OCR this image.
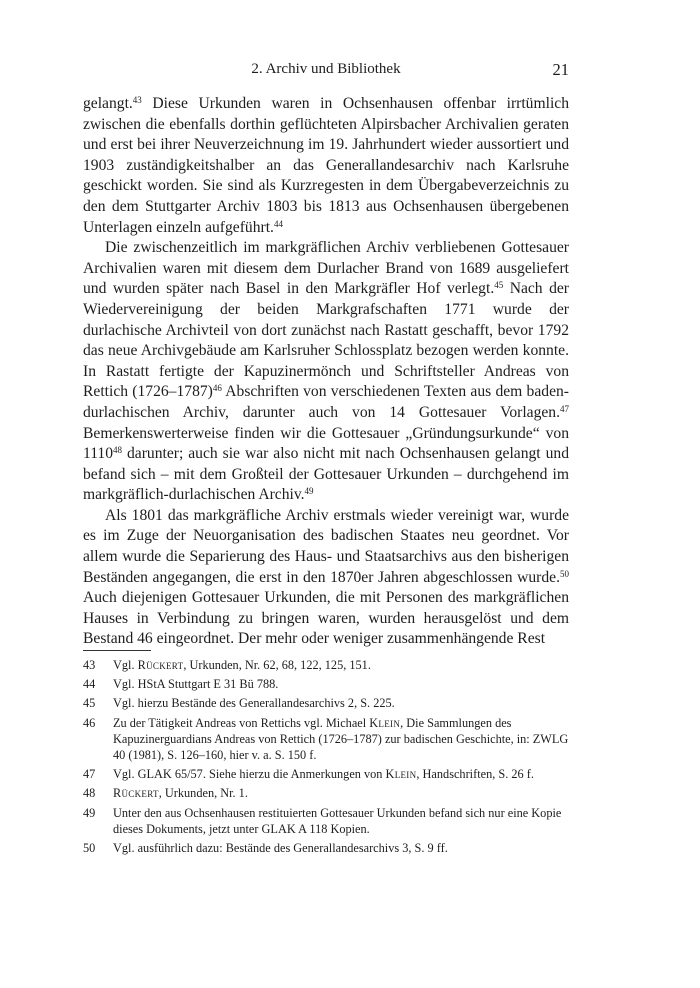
2. Archiv und Bibliothek	21

gelangt.$^{43}$ Diese Urkunden waren in Ochsenhausen offenbar irrtümlich zwischen die ebenfalls dorthin geflüchteten Alpirsbacher Archivalien geraten und erst bei ihrer Neuverzeichnung im 19. Jahrhundert wieder aussortiert und 1903 zuständigkeitshalber an das Generallandesarchiv nach Karlsruhe geschickt worden. Sie sind als Kurzregesten in dem Übergabeverzeichnis zu den dem Stuttgarter Archiv 1803 bis 1813 aus Ochsenhausen übergebenen Unterlagen einzeln aufgeführt.$^{44}$

Die zwischenzeitlich im markgräflichen Archiv verbliebenen Gottesauer Archivalien waren mit diesem dem Durlacher Brand von 1689 ausgeliefert und wurden später nach Basel in den Markgräfler Hof verlegt.$^{45}$ Nach der Wiedervereinigung der beiden Markgrafschaften 1771 wurde der durlachische Archivteil von dort zunächst nach Rastatt geschafft, bevor 1792 das neue Archivgebäude am Karlsruher Schlossplatz bezogen werden konnte. In Rastatt fertigte der Kapuzinermönch und Schriftsteller Andreas von Rettich (1726–1787)$^{46}$ Abschriften von verschiedenen Texten aus dem baden-durlachischen Archiv, darunter auch von 14 Gottesauer Vorlagen.$^{47}$ Bemerkenswerterweise finden wir die Gottesauer „Gründungsurkunde“ von 1110$^{48}$ darunter; auch sie war also nicht mit nach Ochsenhausen gelangt und befand sich – mit dem Großteil der Gottesauer Urkunden – durchgehend im markgräflich-durlachischen Archiv.$^{49}$

Als 1801 das markgräfliche Archiv erstmals wieder vereinigt war, wurde es im Zuge der Neuorganisation des badischen Staates neu geordnet. Vor allem wurde die Separierung des Haus- und Staatsarchivs aus den bisherigen Beständen angegangen, die erst in den 1870er Jahren abgeschlossen wurde.$^{50}$ Auch diejenigen Gottesauer Urkunden, die mit Personen des markgräflichen Hauses in Verbindung zu bringen waren, wurden herausgelöst und dem Bestand 46 eingeordnet. Der mehr oder weniger zusammenhängende Rest

43 Vgl. Rückert, Urkunden, Nr. 62, 68, 122, 125, 151.
44 Vgl. HStA Stuttgart E 31 Bü 788.
45 Vgl. hierzu Bestände des Generallandesarchivs 2, S. 225.
46 Zu der Tätigkeit Andreas von Rettichs vgl. Michael Klein, Die Sammlungen des Kapuzinerguardians Andreas von Rettich (1726–1787) zur badischen Geschichte, in: ZWLG 40 (1981), S. 126–160, hier v. a. S. 150 f.
47 Vgl. GLAK 65/57. Siehe hierzu die Anmerkungen von Klein, Handschriften, S. 26 f.
48 Rückert, Urkunden, Nr. 1.
49 Unter den aus Ochsenhausen restituierten Gottesauer Urkunden befand sich nur eine Kopie dieses Dokuments, jetzt unter GLAK A 118 Kopien.
50 Vgl. ausführlich dazu: Bestände des Generallandesarchivs 3, S. 9 ff.
